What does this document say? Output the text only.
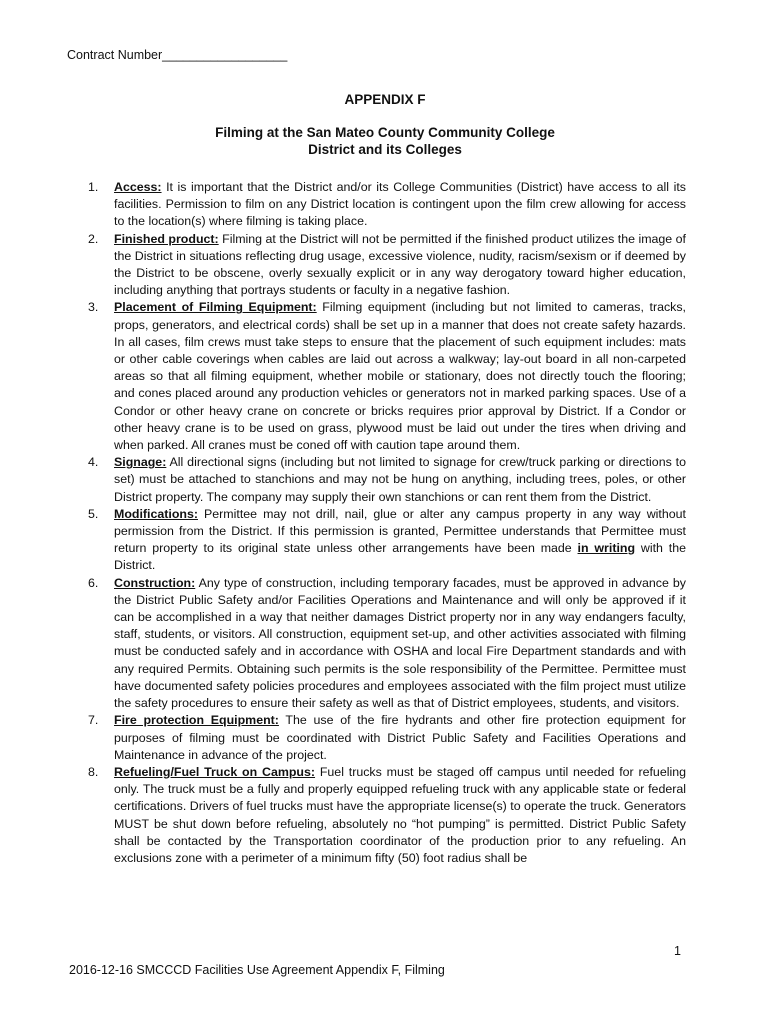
Contract Number__________________
APPENDIX F
Filming at the San Mateo County Community College
District and its Colleges
1. Access: It is important that the District and/or its College Communities (District) have access to all its facilities. Permission to film on any District location is contingent upon the film crew allowing for access to the location(s) where filming is taking place.
2. Finished product: Filming at the District will not be permitted if the finished product utilizes the image of the District in situations reflecting drug usage, excessive violence, nudity, racism/sexism or if deemed by the District to be obscene, overly sexually explicit or in any way derogatory toward higher education, including anything that portrays students or faculty in a negative fashion.
3. Placement of Filming Equipment: Filming equipment (including but not limited to cameras, tracks, props, generators, and electrical cords) shall be set up in a manner that does not create safety hazards. In all cases, film crews must take steps to ensure that the placement of such equipment includes: mats or other cable coverings when cables are laid out across a walkway; lay-out board in all non-carpeted areas so that all filming equipment, whether mobile or stationary, does not directly touch the flooring; and cones placed around any production vehicles or generators not in marked parking spaces. Use of a Condor or other heavy crane on concrete or bricks requires prior approval by District. If a Condor or other heavy crane is to be used on grass, plywood must be laid out under the tires when driving and when parked. All cranes must be coned off with caution tape around them.
4. Signage: All directional signs (including but not limited to signage for crew/truck parking or directions to set) must be attached to stanchions and may not be hung on anything, including trees, poles, or other District property. The company may supply their own stanchions or can rent them from the District.
5. Modifications: Permittee may not drill, nail, glue or alter any campus property in any way without permission from the District. If this permission is granted, Permittee understands that Permittee must return property to its original state unless other arrangements have been made in writing with the District.
6. Construction: Any type of construction, including temporary facades, must be approved in advance by the District Public Safety and/or Facilities Operations and Maintenance and will only be approved if it can be accomplished in a way that neither damages District property nor in any way endangers faculty, staff, students, or visitors. All construction, equipment set-up, and other activities associated with filming must be conducted safely and in accordance with OSHA and local Fire Department standards and with any required Permits. Obtaining such permits is the sole responsibility of the Permittee. Permittee must have documented safety policies procedures and employees associated with the film project must utilize the safety procedures to ensure their safety as well as that of District employees, students, and visitors.
7. Fire protection Equipment: The use of the fire hydrants and other fire protection equipment for purposes of filming must be coordinated with District Public Safety and Facilities Operations and Maintenance in advance of the project.
8. Refueling/Fuel Truck on Campus: Fuel trucks must be staged off campus until needed for refueling only. The truck must be a fully and properly equipped refueling truck with any applicable state or federal certifications. Drivers of fuel trucks must have the appropriate license(s) to operate the truck. Generators MUST be shut down before refueling, absolutely no “hot pumping” is permitted. District Public Safety shall be contacted by the Transportation coordinator of the production prior to any refueling. An exclusions zone with a perimeter of a minimum fifty (50) foot radius shall be
1
2016-12-16 SMCCCD Facilities Use Agreement Appendix F, Filming
